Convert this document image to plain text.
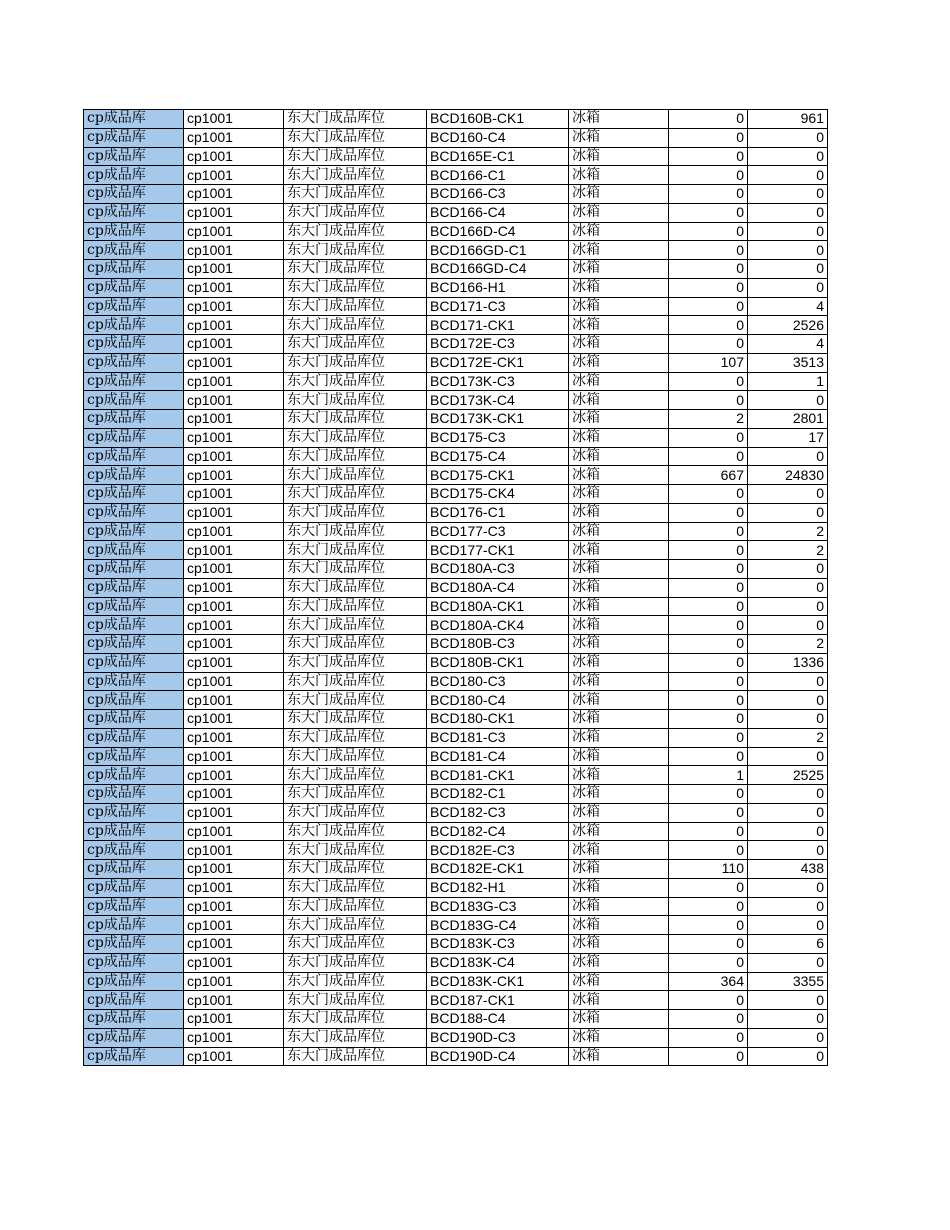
cp成品库	cp1001	东大门成品库位	BCD160B-CK1	冰箱	0	961
cp成品库	cp1001	东大门成品库位	BCD160-C4	冰箱	0	0
cp成品库	cp1001	东大门成品库位	BCD165E-C1	冰箱	0	0
cp成品库	cp1001	东大门成品库位	BCD166-C1	冰箱	0	0
cp成品库	cp1001	东大门成品库位	BCD166-C3	冰箱	0	0
cp成品库	cp1001	东大门成品库位	BCD166-C4	冰箱	0	0
cp成品库	cp1001	东大门成品库位	BCD166D-C4	冰箱	0	0
cp成品库	cp1001	东大门成品库位	BCD166GD-C1	冰箱	0	0
cp成品库	cp1001	东大门成品库位	BCD166GD-C4	冰箱	0	0
cp成品库	cp1001	东大门成品库位	BCD166-H1	冰箱	0	0
cp成品库	cp1001	东大门成品库位	BCD171-C3	冰箱	0	4
cp成品库	cp1001	东大门成品库位	BCD171-CK1	冰箱	0	2526
cp成品库	cp1001	东大门成品库位	BCD172E-C3	冰箱	0	4
cp成品库	cp1001	东大门成品库位	BCD172E-CK1	冰箱	107	3513
cp成品库	cp1001	东大门成品库位	BCD173K-C3	冰箱	0	1
cp成品库	cp1001	东大门成品库位	BCD173K-C4	冰箱	0	0
cp成品库	cp1001	东大门成品库位	BCD173K-CK1	冰箱	2	2801
cp成品库	cp1001	东大门成品库位	BCD175-C3	冰箱	0	17
cp成品库	cp1001	东大门成品库位	BCD175-C4	冰箱	0	0
cp成品库	cp1001	东大门成品库位	BCD175-CK1	冰箱	667	24830
cp成品库	cp1001	东大门成品库位	BCD175-CK4	冰箱	0	0
cp成品库	cp1001	东大门成品库位	BCD176-C1	冰箱	0	0
cp成品库	cp1001	东大门成品库位	BCD177-C3	冰箱	0	2
cp成品库	cp1001	东大门成品库位	BCD177-CK1	冰箱	0	2
cp成品库	cp1001	东大门成品库位	BCD180A-C3	冰箱	0	0
cp成品库	cp1001	东大门成品库位	BCD180A-C4	冰箱	0	0
cp成品库	cp1001	东大门成品库位	BCD180A-CK1	冰箱	0	0
cp成品库	cp1001	东大门成品库位	BCD180A-CK4	冰箱	0	0
cp成品库	cp1001	东大门成品库位	BCD180B-C3	冰箱	0	2
cp成品库	cp1001	东大门成品库位	BCD180B-CK1	冰箱	0	1336
cp成品库	cp1001	东大门成品库位	BCD180-C3	冰箱	0	0
cp成品库	cp1001	东大门成品库位	BCD180-C4	冰箱	0	0
cp成品库	cp1001	东大门成品库位	BCD180-CK1	冰箱	0	0
cp成品库	cp1001	东大门成品库位	BCD181-C3	冰箱	0	2
cp成品库	cp1001	东大门成品库位	BCD181-C4	冰箱	0	0
cp成品库	cp1001	东大门成品库位	BCD181-CK1	冰箱	1	2525
cp成品库	cp1001	东大门成品库位	BCD182-C1	冰箱	0	0
cp成品库	cp1001	东大门成品库位	BCD182-C3	冰箱	0	0
cp成品库	cp1001	东大门成品库位	BCD182-C4	冰箱	0	0
cp成品库	cp1001	东大门成品库位	BCD182E-C3	冰箱	0	0
cp成品库	cp1001	东大门成品库位	BCD182E-CK1	冰箱	110	438
cp成品库	cp1001	东大门成品库位	BCD182-H1	冰箱	0	0
cp成品库	cp1001	东大门成品库位	BCD183G-C3	冰箱	0	0
cp成品库	cp1001	东大门成品库位	BCD183G-C4	冰箱	0	0
cp成品库	cp1001	东大门成品库位	BCD183K-C3	冰箱	0	6
cp成品库	cp1001	东大门成品库位	BCD183K-C4	冰箱	0	0
cp成品库	cp1001	东大门成品库位	BCD183K-CK1	冰箱	364	3355
cp成品库	cp1001	东大门成品库位	BCD187-CK1	冰箱	0	0
cp成品库	cp1001	东大门成品库位	BCD188-C4	冰箱	0	0
cp成品库	cp1001	东大门成品库位	BCD190D-C3	冰箱	0	0
cp成品库	cp1001	东大门成品库位	BCD190D-C4	冰箱	0	0
